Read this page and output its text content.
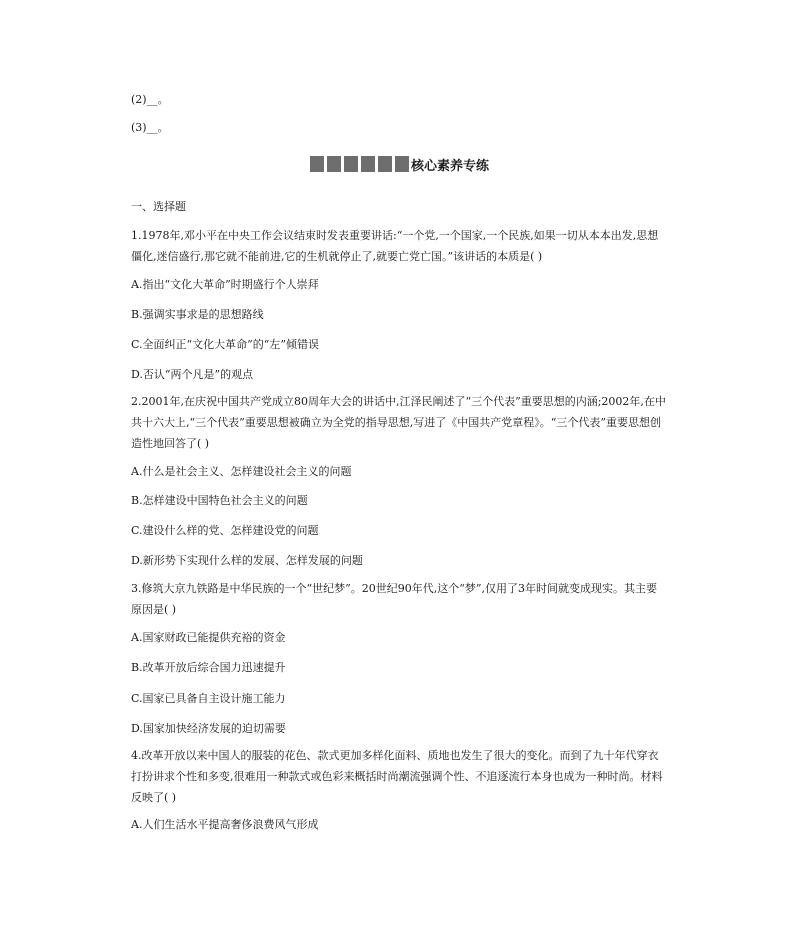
(2)__。
(3)__。
核心素养专练
一、选择题
1.1978年,邓小平在中央工作会议结束时发表重要讲话:“一个党,一个国家,一个民族,如果一切从本本出发,思想僵化,迷信盛行,那它就不能前进,它的生机就停止了,就要亡党亡国。”该讲话的本质是( )
A.指出“文化大革命”时期盛行个人崇拜
B.强调实事求是的思想路线
C.全面纠正“文化大革命”的“左”倾错误
D.否认“两个凡是”的观点
2.2001年,在庆祝中国共产党成立80周年大会的讲话中,江泽民阐述了“三个代表”重要思想的内涵;2002年,在中共十六大上,“三个代表”重要思想被确立为全党的指导思想,写进了《中国共产党章程》。“三个代表”重要思想创造性地回答了( )
A.什么是社会主义、怎样建设社会主义的问题
B.怎样建设中国特色社会主义的问题
C.建设什么样的党、怎样建设党的问题
D.新形势下实现什么样的发展、怎样发展的问题
3.修筑大京九铁路是中华民族的一个“世纪梦”。20世纪90年代,这个“梦”,仅用了3年时间就变成现实。其主要原因是( )
A.国家财政已能提供充裕的资金
B.改革开放后综合国力迅速提升
C.国家已具备自主设计施工能力
D.国家加快经济发展的迫切需要
4.改革开放以来中国人的服装的花色、款式更加多样化面料、质地也发生了很大的变化。而到了九十年代穿衣打扮讲求个性和多变,很难用一种款式或色彩来概括时尚潮流强调个性、不追逐流行本身也成为一种时尚。材料反映了( )
A.人们生活水平提高奢侈浪费风气形成
